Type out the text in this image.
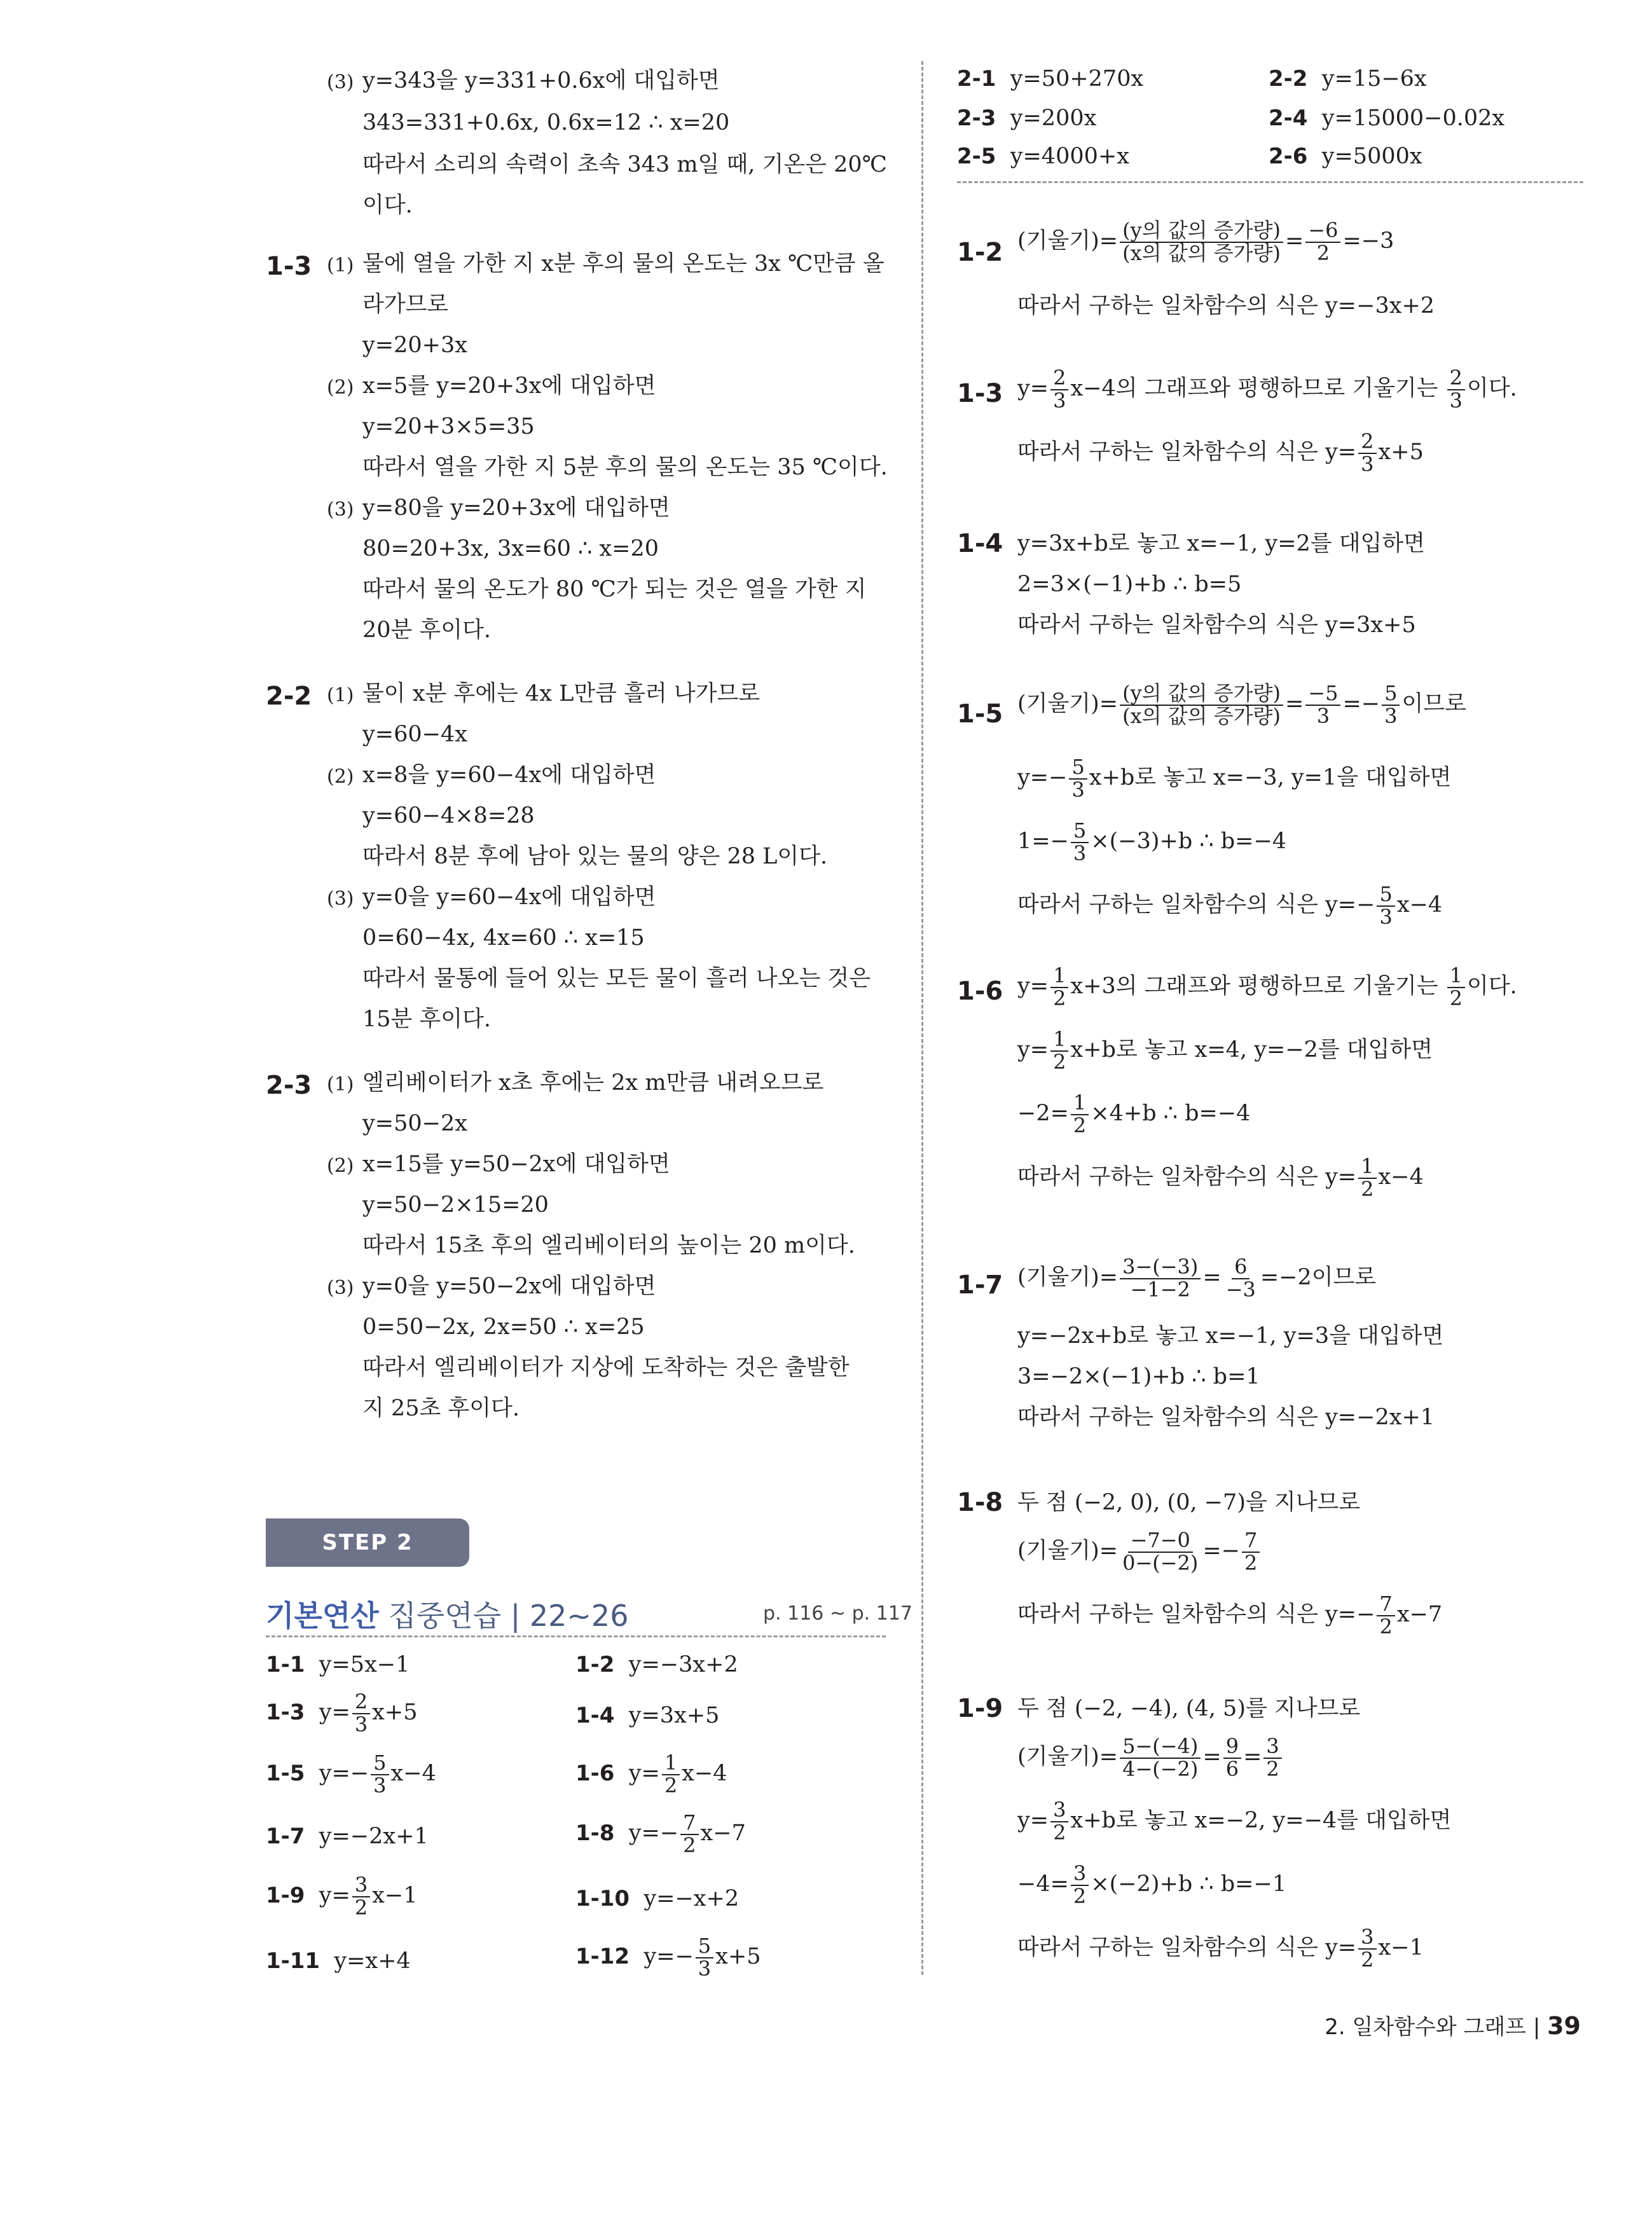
(3) y=343을 y=331+0.6x에 대입하면
343=331+0.6x, 0.6x=12 ∴ x=20
따라서 소리의 속력이 초속 343 m일 때, 기온은 20℃
이다.
1-3 (1) 물에 열을 가한 지 x분 후의 물의 온도는 3x ℃만큼 올
라가므로
y=20+3x
(2) x=5를 y=20+3x에 대입하면
y=20+3×5=35
따라서 열을 가한 지 5분 후의 물의 온도는 35 ℃이다.
(3) y=80을 y=20+3x에 대입하면
80=20+3x, 3x=60 ∴ x=20
따라서 물의 온도가 80 ℃가 되는 것은 열을 가한 지
20분 후이다.
2-2 (1) 물이 x분 후에는 4x L만큼 흘러 나가므로
y=60−4x
(2) x=8을 y=60−4x에 대입하면
y=60−4×8=28
따라서 8분 후에 남아 있는 물의 양은 28 L이다.
(3) y=0을 y=60−4x에 대입하면
0=60−4x, 4x=60 ∴ x=15
따라서 물통에 들어 있는 모든 물이 흘러 나오는 것은
15분 후이다.
2-3 (1) 엘리베이터가 x초 후에는 2x m만큼 내려오므로
y=50−2x
(2) x=15를 y=50−2x에 대입하면
y=50−2×15=20
따라서 15초 후의 엘리베이터의 높이는 20 m이다.
(3) y=0을 y=50−2x에 대입하면
0=50−2x, 2x=50 ∴ x=25
따라서 엘리베이터가 지상에 도착하는 것은 출발한
지 25초 후이다.
STEP 2
기본연산 집중연습 | 22~26	p. 116 ~ p. 117
1-1 y=5x−1	1-2 y=−3x+2
1-3 $y= \frac{2}{3} x+5$	1-4 y=3x+5
1-5 $y=- \frac{5}{3} x-4$	1-6 $y= \frac{1}{2} x-4$
1-7 y=−2x+1	1-8 $y=- \frac{7}{2} x-7$
1-9 $y= \frac{3}{2} x-1$	1-10 y=−x+2
1-11 y=x+4	1-12 $y=- \frac{5}{3} x+5$
2-1 y=50+270x	2-2 y=15−6x
2-3 y=200x	2-4 y=15000−0.02x
2-5 y=4000+x	2-6 y=5000x
1-2 (기울기)= $\frac{\text{(y의 값의 증가량)}}{\text{(x의 값의 증가량)}} = \frac{-6}{2} =-3$
따라서 구하는 일차함수의 식은 y=−3x+2
1-3 $y= \frac{2}{3} x-4$의 그래프와 평행하므로 기울기는 $\frac{2}{3}$ 이다.
따라서 구하는 일차함수의 식은 $y= \frac{2}{3} x+5$
1-4 y=3x+b로 놓고 x=−1, y=2를 대입하면
2=3×(−1)+b ∴ b=5
따라서 구하는 일차함수의 식은 y=3x+5
1-5 (기울기)= $\frac{\text{(y의 값의 증가량)}}{\text{(x의 값의 증가량)}} = \frac{-5}{3} =- \frac{5}{3}$ 이므로
$y=- \frac{5}{3} x+b$로 놓고 x=−3, y=1을 대입하면
$1=- \frac{5}{3} \times(-3)+b$ ∴ b=−4
따라서 구하는 일차함수의 식은 $y=- \frac{5}{3} x-4$
1-6 $y= \frac{1}{2} x+3$의 그래프와 평행하므로 기울기는 $\frac{1}{2}$ 이다.
$y= \frac{1}{2} x+b$로 놓고 x=4, y=−2를 대입하면
$-2= \frac{1}{2} \times 4+b$ ∴ b=−4
따라서 구하는 일차함수의 식은 $y= \frac{1}{2} x-4$
1-7 (기울기)= $\frac{3-(-3)}{-1-2} = \frac{6}{-3} =-2$이므로
y=−2x+b로 놓고 x=−1, y=3을 대입하면
3=−2×(−1)+b ∴ b=1
따라서 구하는 일차함수의 식은 y=−2x+1
1-8 두 점 (−2, 0), (0, −7)을 지나므로
(기울기)= $\frac{-7-0}{0-(-2)} =- \frac{7}{2}$
따라서 구하는 일차함수의 식은 $y=- \frac{7}{2} x-7$
1-9 두 점 (−2, −4), (4, 5)를 지나므로
(기울기)= $\frac{5-(-4)}{4-(-2)} = \frac{9}{6} = \frac{3}{2}$
$y= \frac{3}{2} x+b$로 놓고 x=−2, y=−4를 대입하면
$-4= \frac{3}{2} \times(-2)+b$ ∴ b=−1
따라서 구하는 일차함수의 식은 $y= \frac{3}{2} x-1$
2. 일차함수와 그래프 | 39
